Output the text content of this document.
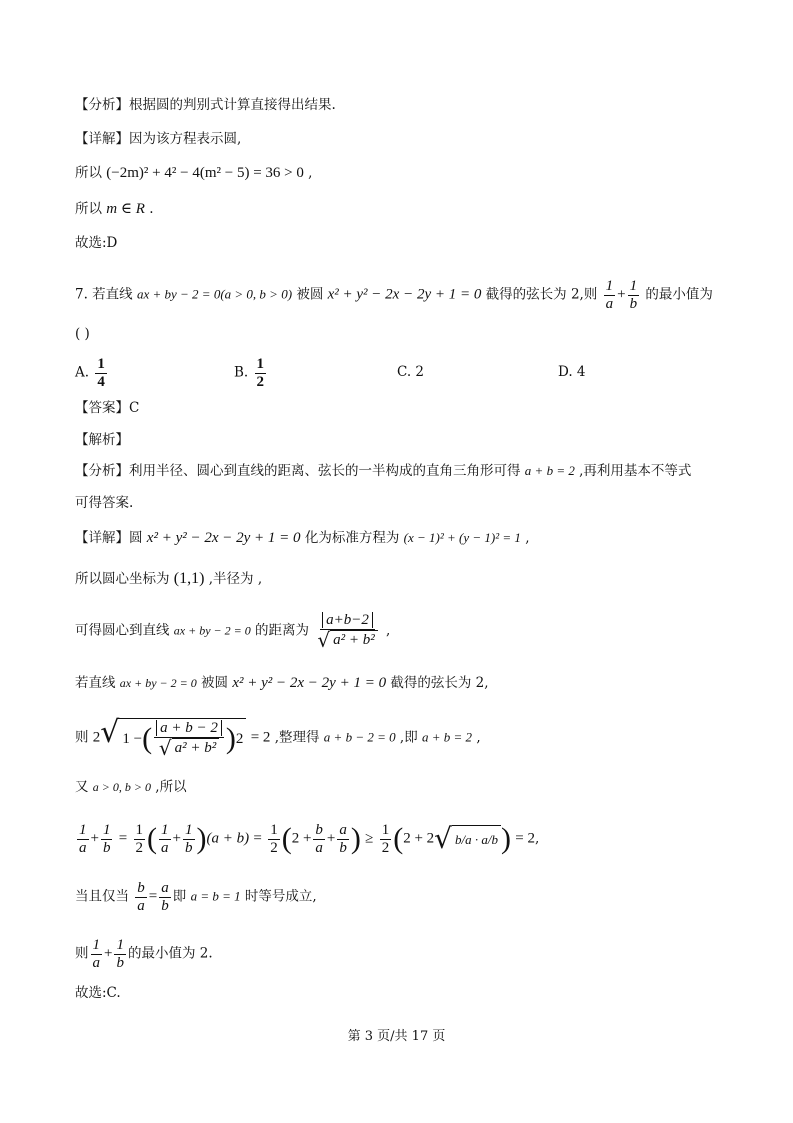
【分析】根据圆的判别式计算直接得出结果.
【详解】因为该方程表示圆,
所以 (−2m)² + 4² − 4(m² − 5) = 36 > 0 ,
所以 m ∈ R .
故选:D
7. 若直线 ax + by − 2 = 0(a > 0, b > 0) 被圆 x² + y² − 2x − 2y + 1 = 0 截得的弦长为 2,则 $\frac{1}{a} + \frac{1}{b}$ 的最小值为
( )
A. $\frac{1}{4}$	B. $\frac{1}{2}$	C. 2	D. 4
【答案】C
【解析】
【分析】利用半径、圆心到直线的距离、弦长的一半构成的直角三角形可得 a + b = 2 ,再利用基本不等式
可得答案.
【详解】圆 x² + y² − 2x − 2y + 1 = 0 化为标准方程为 (x − 1)² + (y − 1)² = 1 ,
所以圆心坐标为 (1,1) ,半径为 ,
可得圆心到直线 ax + by − 2 = 0 的距离为 $\frac{a+b-2}{\text{√ a² + b²}}$ ,
若直线 ax + by − 2 = 0 被圆 x² + y² − 2x − 2y + 1 = 0 截得的弦长为 2,
则 2 √ 1 − ( $\frac{a + b - 2}{\text{√ a² + b²}}$ ) 2 = 2 ,整理得 a + b − 2 = 0 ,即 a + b = 2 ,
又 a > 0, b > 0 ,所以
$\frac{1}{a} + \frac{1}{b} = \frac{1}{2}$ ( $\frac{1}{a} + \frac{1}{b} )(a + b) = \frac{1}{2} (2 + \frac{b}{a} + \frac{a}{b}$ ) ≥ $\frac{1}{2} (2 + 2$ √ b/a · a/b ) = 2,
当且仅当 $\frac{b}{a} = \frac{a}{b}$ 即 a = b = 1 时等号成立,
则 $\frac{1}{a} + \frac{1}{b}$ 的最小值为 2.
故选:C.
第 3 页/共 17 页
